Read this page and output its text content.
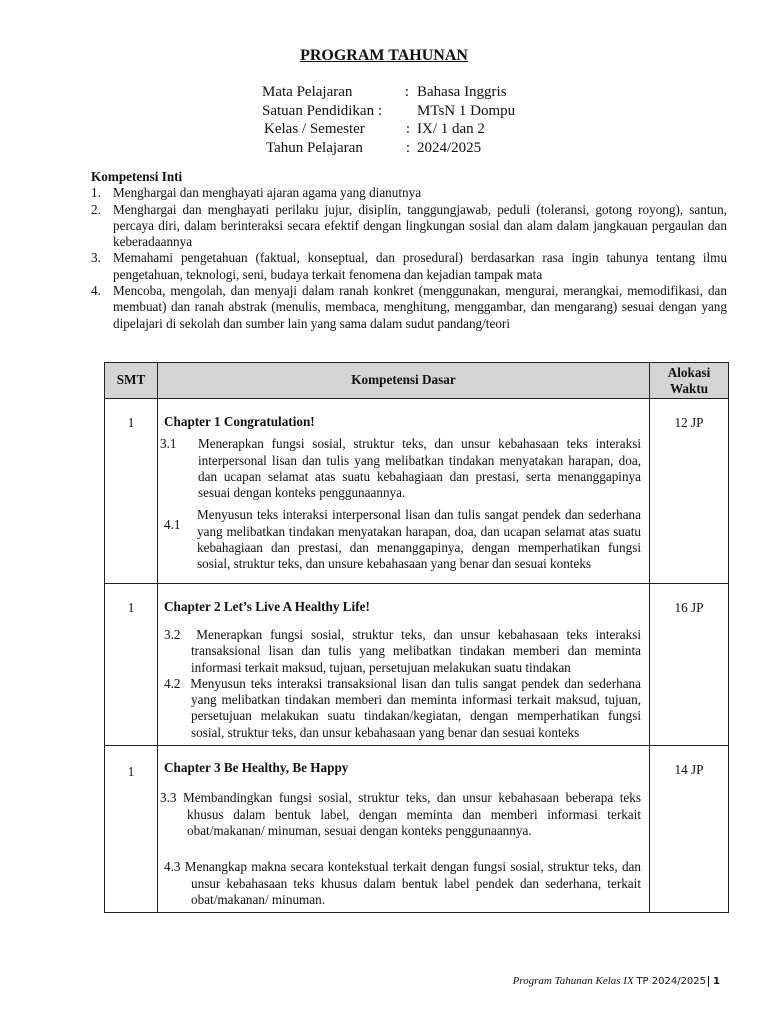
PROGRAM TAHUNAN
Mata Pelajaran	: Bahasa Inggris
Satuan Pendidikan :	MTsN 1 Dompu
Kelas / Semester	: IX/ 1 dan 2
Tahun Pelajaran	: 2024/2025
Kompetensi Inti
1. Menghargai dan menghayati ajaran agama yang dianutnya
2. Menghargai dan menghayati perilaku jujur, disiplin, tanggungjawab, peduli (toleransi, gotong royong), santun, percaya diri, dalam berinteraksi secara efektif dengan lingkungan sosial dan alam dalam jangkauan pergaulan dan keberadaannya
3. Memahami pengetahuan (faktual, konseptual, dan prosedural) berdasarkan rasa ingin tahunya tentang ilmu pengetahuan, teknologi, seni, budaya terkait fenomena dan kejadian tampak mata
4. Mencoba, mengolah, dan menyaji dalam ranah konkret (menggunakan, mengurai, merangkai, memodifikasi, dan membuat) dan ranah abstrak (menulis, membaca, menghitung, menggambar, dan mengarang) sesuai dengan yang dipelajari di sekolah dan sumber lain yang sama dalam sudut pandang/teori
SMT	Kompetensi Dasar	Alokasi
Waktu
1	Chapter 1 Congratulation!
3.1 Menerapkan fungsi sosial, struktur teks, dan unsur kebahasaan teks interaksi interpersonal lisan dan tulis yang melibatkan tindakan menyatakan harapan, doa, dan ucapan selamat atas suatu kebahagiaan dan prestasi, serta menanggapinya sesuai dengan konteks penggunaannya.
4.1
Menyusun teks interaksi interpersonal lisan dan tulis sangat pendek dan sederhana yang melibatkan tindakan menyatakan harapan, doa, dan ucapan selamat atas suatu kebahagiaan dan prestasi, dan menanggapinya, dengan memperhatikan fungsi sosial, struktur teks, dan unsure kebahasaan yang benar dan sesuai konteks	12 JP
1	Chapter 2 Let’s Live A Healthy Life!
3.2 Menerapkan fungsi sosial, struktur teks, dan unsur kebahasaan teks interaksi transaksional lisan dan tulis yang melibatkan tindakan memberi dan meminta informasi terkait maksud, tujuan, persetujuan melakukan suatu tindakan
4.2 Menyusun teks interaksi transaksional lisan dan tulis sangat pendek dan sederhana yang melibatkan tindakan memberi dan meminta informasi terkait maksud, tujuan, persetujuan melakukan suatu tindakan/kegiatan, dengan memperhatikan fungsi sosial, struktur teks, dan unsur kebahasaan yang benar dan sesuai konteks	16 JP
1	Chapter 3 Be Healthy, Be Happy
3.3 Membandingkan fungsi sosial, struktur teks, dan unsur kebahasaan beberapa teks khusus dalam bentuk label, dengan meminta dan memberi informasi terkait obat/makanan/ minuman, sesuai dengan konteks penggunaannya.
4.3 Menangkap makna secara kontekstual terkait dengan fungsi sosial, struktur teks, dan unsur kebahasaan teks khusus dalam bentuk label pendek dan sederhana, terkait obat/makanan/ minuman.	14 JP
Program Tahunan Kelas IX TP 2024/2025 1
